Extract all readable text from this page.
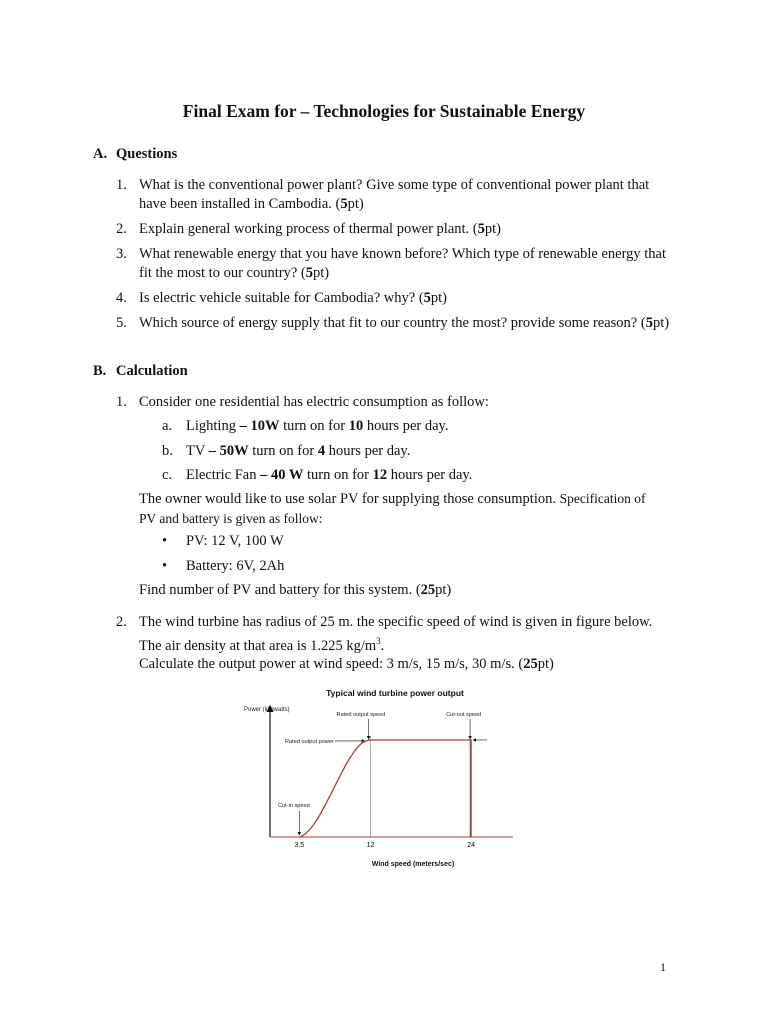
Final Exam for – Technologies for Sustainable Energy
A. Questions
1. What is the conventional power plant? Give some type of conventional power plant that have been installed in Cambodia. (5pt)
2. Explain general working process of thermal power plant. (5pt)
3. What renewable energy that you have known before? Which type of renewable energy that fit the most to our country? (5pt)
4. Is electric vehicle suitable for Cambodia? why? (5pt)
5. Which source of energy supply that fit to our country the most? provide some reason? (5pt)
B. Calculation
1. Consider one residential has electric consumption as follow:
a. Lighting – 10W turn on for 10 hours per day.
b. TV – 50W turn on for 4 hours per day.
c. Electric Fan – 40 W turn on for 12 hours per day.
The owner would like to use solar PV for supplying those consumption. Specification of
PV and battery is given as follow:
• PV: 12 V, 100 W
• Battery: 6V, 2Ah
Find number of PV and battery for this system. (25pt)
2. The wind turbine has radius of 25 m. the specific speed of wind is given in figure below.
The air density at that area is 1.225 $kg/m^3$.
Calculate the output power at wind speed: 3 m/s, 15 m/s, 30 m/s. (25pt)
Typical wind turbine power output
Power (kilowatts)
Wind speed (meters/sec)
3.5	12	24
Rated output speed	Cut-out speed
Rated output power
Cut-in speed
1
